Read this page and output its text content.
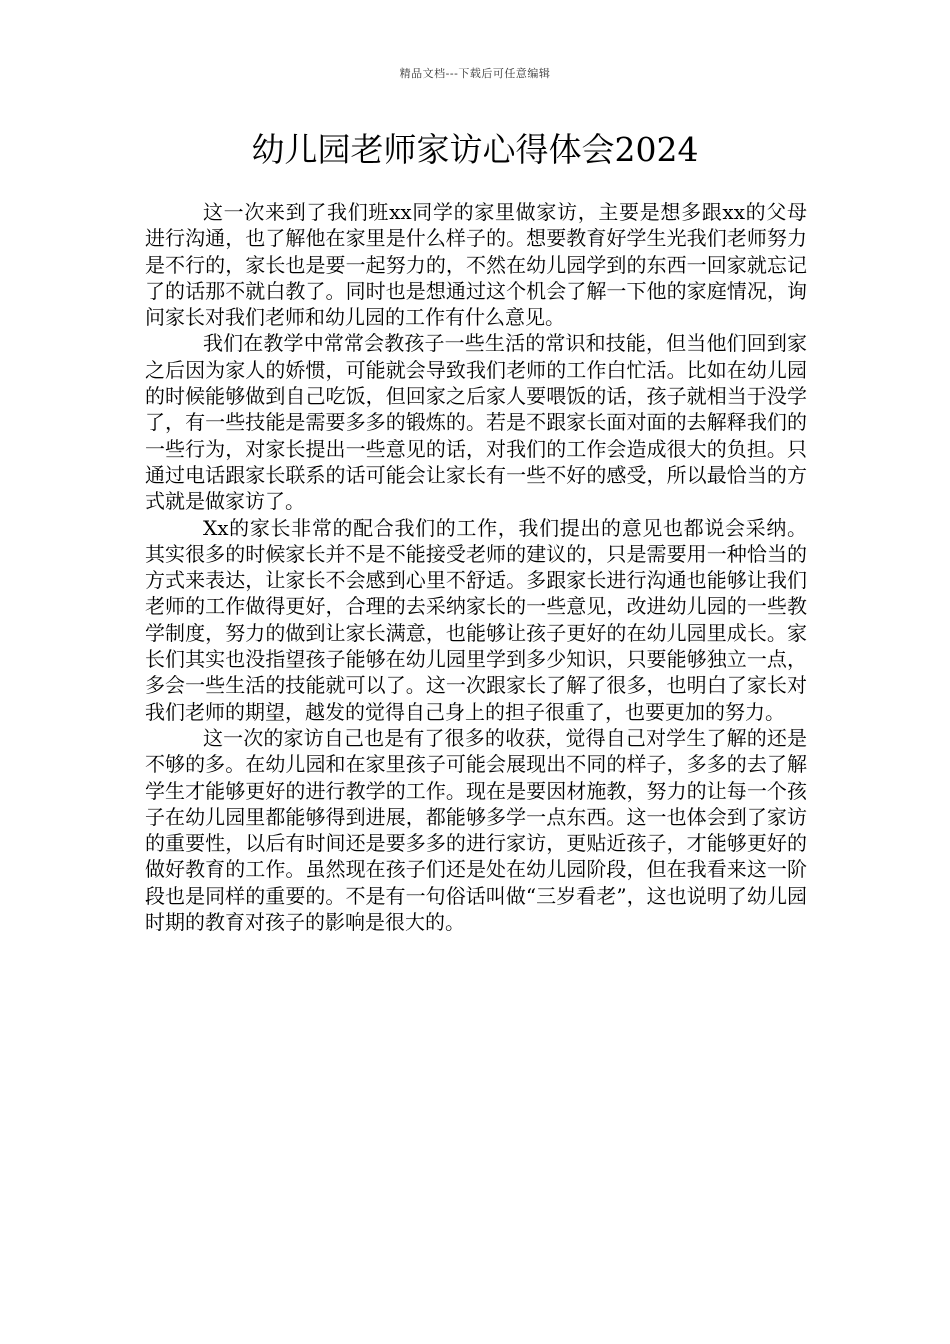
精品文档---下载后可任意编辑
幼儿园老师家访心得体会2024

这一次来到了我们班xx同学的家里做家访，主要是想多跟xx的父母进行沟通，也了解他在家里是什么样子的。想要教育好学生光我们老师努力是不行的，家长也是要一起努力的，不然在幼儿园学到的东西一回家就忘记了的话那不就白教了。同时也是想通过这个机会了解一下他的家庭情况，询问家长对我们老师和幼儿园的工作有什么意见。

我们在教学中常常会教孩子一些生活的常识和技能，但当他们回到家之后因为家人的娇惯，可能就会导致我们老师的工作白忙活。比如在幼儿园的时候能够做到自己吃饭，但回家之后家人要喂饭的话，孩子就相当于没学了，有一些技能是需要多多的锻炼的。若是不跟家长面对面的去解释我们的一些行为，对家长提出一些意见的话，对我们的工作会造成很大的负担。只通过电话跟家长联系的话可能会让家长有一些不好的感受，所以最恰当的方式就是做家访了。

Xx的家长非常的配合我们的工作，我们提出的意见也都说会采纳。其实很多的时候家长并不是不能接受老师的建议的，只是需要用一种恰当的方式来表达，让家长不会感到心里不舒适。多跟家长进行沟通也能够让我们老师的工作做得更好，合理的去采纳家长的一些意见，改进幼儿园的一些教学制度，努力的做到让家长满意，也能够让孩子更好的在幼儿园里成长。家长们其实也没指望孩子能够在幼儿园里学到多少知识，只要能够独立一点，多会一些生活的技能就可以了。这一次跟家长了解了很多，也明白了家长对我们老师的期望，越发的觉得自己身上的担子很重了，也要更加的努力。

这一次的家访自己也是有了很多的收获，觉得自己对学生了解的还是不够的多。在幼儿园和在家里孩子可能会展现出不同的样子，多多的去了解学生才能够更好的进行教学的工作。现在是要因材施教，努力的让每一个孩子在幼儿园里都能够得到进展，都能够多学一点东西。这一也体会到了家访的重要性，以后有时间还是要多多的进行家访，更贴近孩子，才能够更好的做好教育的工作。虽然现在孩子们还是处在幼儿园阶段，但在我看来这一阶段也是同样的重要的。不是有一句俗话叫做“三岁看老”，这也说明了幼儿园时期的教育对孩子的影响是很大的。
